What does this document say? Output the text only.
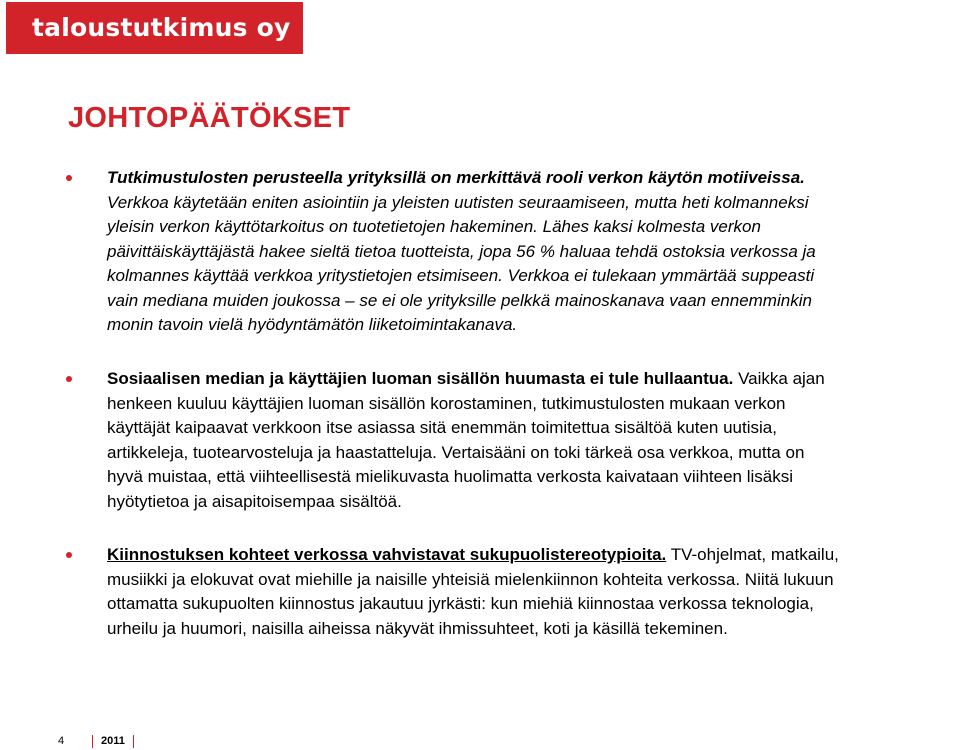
taloustutkimus oy
JOHTOPÄÄTÖKSET

Tutkimustulosten perusteella yrityksillä on merkittävä rooli verkon käytön motiiveissa.
Verkkoa käytetään eniten asiointiin ja yleisten uutisten seuraamiseen, mutta heti kolmanneksi
yleisin verkon käyttötarkoitus on tuotetietojen hakeminen. Lähes kaksi kolmesta verkon
päivittäiskäyttäjästä hakee sieltä tietoa tuotteista, jopa 56 % haluaa tehdä ostoksia verkossa ja
kolmannes käyttää verkkoa yritystietojen etsimiseen. Verkkoa ei tulekaan ymmärtää suppeasti
vain mediana muiden joukossa – se ei ole yrityksille pelkkä mainoskanava vaan ennemminkin
monin tavoin vielä hyödyntämätön liiketoimintakanava.

Sosiaalisen median ja käyttäjien luoman sisällön huumasta ei tule hullaantua. Vaikka ajan
henkeen kuuluu käyttäjien luoman sisällön korostaminen, tutkimustulosten mukaan verkon
käyttäjät kaipaavat verkkoon itse asiassa sitä enemmän toimitettua sisältöä kuten uutisia,
artikkeleja, tuotearvosteluja ja haastatteluja. Vertaisääni on toki tärkeä osa verkkoa, mutta on
hyvä muistaa, että viihteellisestä mielikuvasta huolimatta verkosta kaivataan viihteen lisäksi
hyötytietoa ja aisapitoisempaa sisältöä.

Kiinnostuksen kohteet verkossa vahvistavat sukupuolistereotypioita. TV-ohjelmat, matkailu,
musiikki ja elokuvat ovat miehille ja naisille yhteisiä mielenkiinnon kohteita verkossa. Niitä lukuun
ottamatta sukupuolten kiinnostus jakautuu jyrkästi: kun miehiä kiinnostaa verkossa teknologia,
urheilu ja huumori, naisilla aiheissa näkyvät ihmissuhteet, koti ja käsillä tekeminen.

4	2011
